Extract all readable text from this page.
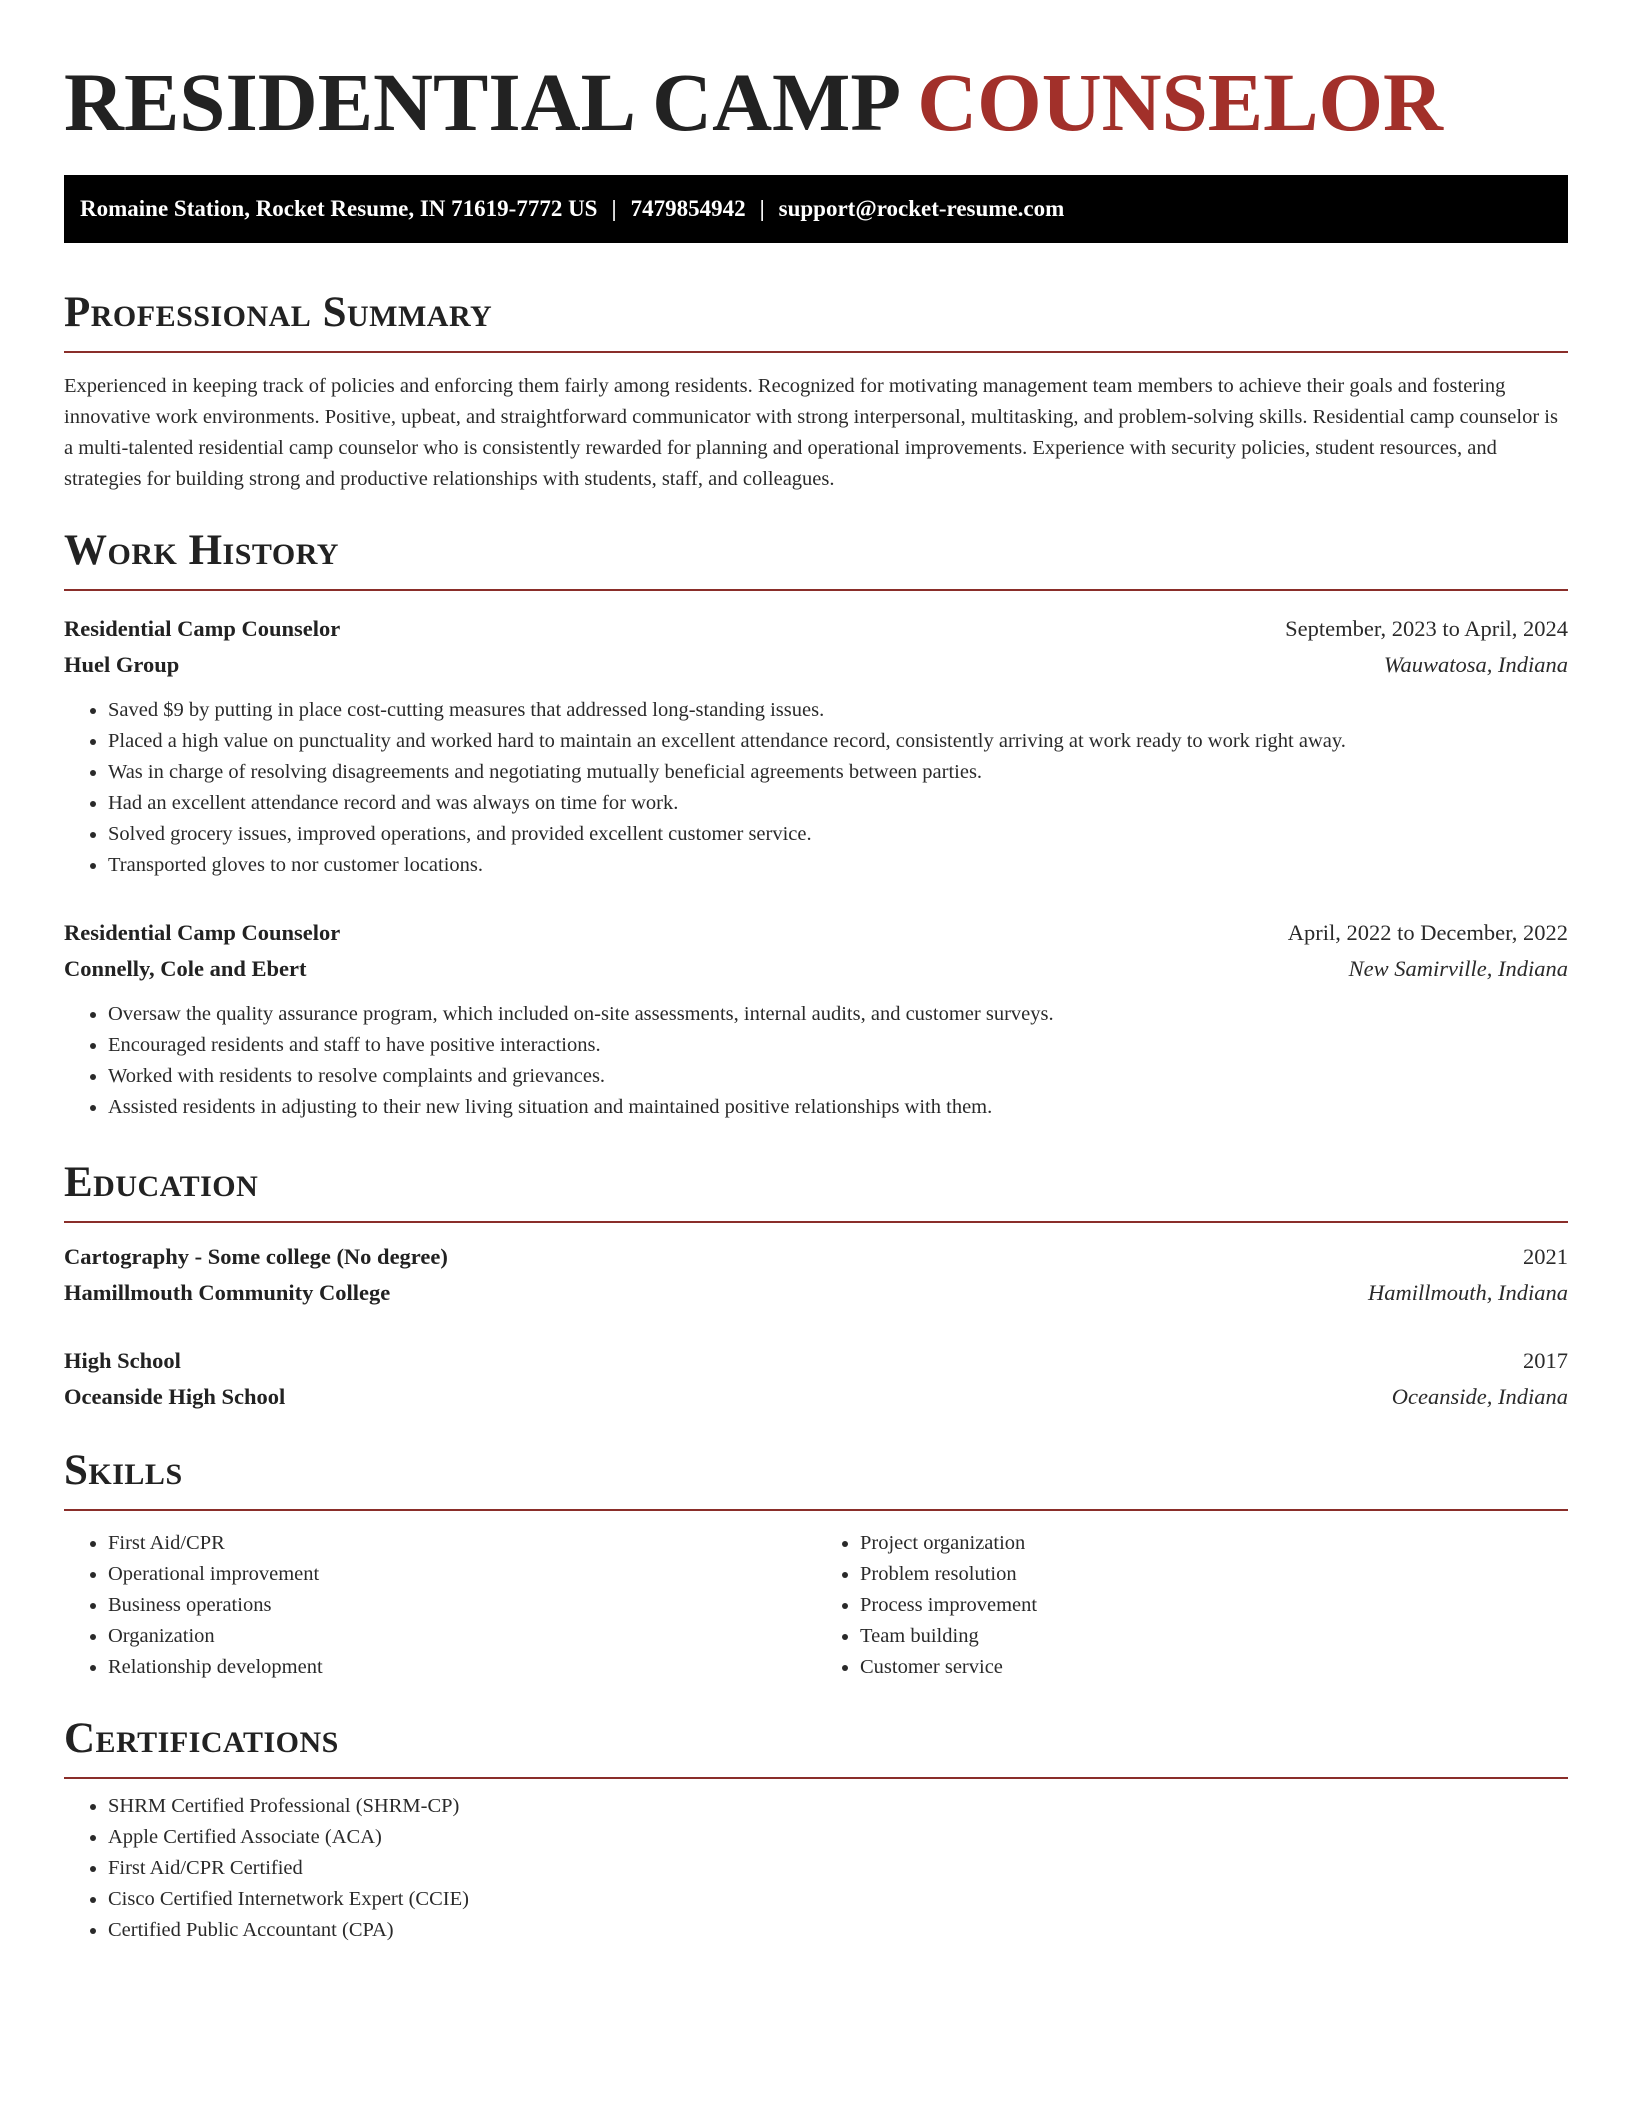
RESIDENTIAL CAMP COUNSELOR
Romaine Station, Rocket Resume, IN 71619-7772 US | 7479854942 | support@rocket-resume.com
Professional Summary

Experienced in keeping track of policies and enforcing them fairly among residents. Recognized for motivating management team members to achieve their goals and fostering innovative work environments. Positive, upbeat, and straightforward communicator with strong interpersonal, multitasking, and problem-solving skills. Residential camp counselor is a multi-talented residential camp counselor who is consistently rewarded for planning and operational improvements. Experience with security policies, student resources, and strategies for building strong and productive relationships with students, staff, and colleagues.

Work History
Residential Camp Counselor	September, 2023 to April, 2024
Huel Group	Wauwatosa, Indiana
• Saved $9 by putting in place cost-cutting measures that addressed long-standing issues.
• Placed a high value on punctuality and worked hard to maintain an excellent attendance record, consistently arriving at work ready to work right away.
• Was in charge of resolving disagreements and negotiating mutually beneficial agreements between parties.
• Had an excellent attendance record and was always on time for work.
• Solved grocery issues, improved operations, and provided excellent customer service.
• Transported gloves to nor customer locations.
Residential Camp Counselor	April, 2022 to December, 2022
Connelly, Cole and Ebert	New Samirville, Indiana
• Oversaw the quality assurance program, which included on-site assessments, internal audits, and customer surveys.
• Encouraged residents and staff to have positive interactions.
• Worked with residents to resolve complaints and grievances.
• Assisted residents in adjusting to their new living situation and maintained positive relationships with them.
Education
Cartography - Some college (No degree)	2021
Hamillmouth Community College	Hamillmouth, Indiana
High School	2017
Oceanside High School	Oceanside, Indiana
Skills
• First Aid/CPR
• Operational improvement
• Business operations
• Organization
• Relationship development
• Project organization
• Problem resolution
• Process improvement
• Team building
• Customer service
Certifications
• SHRM Certified Professional (SHRM-CP)
• Apple Certified Associate (ACA)
• First Aid/CPR Certified
• Cisco Certified Internetwork Expert (CCIE)
• Certified Public Accountant (CPA)
